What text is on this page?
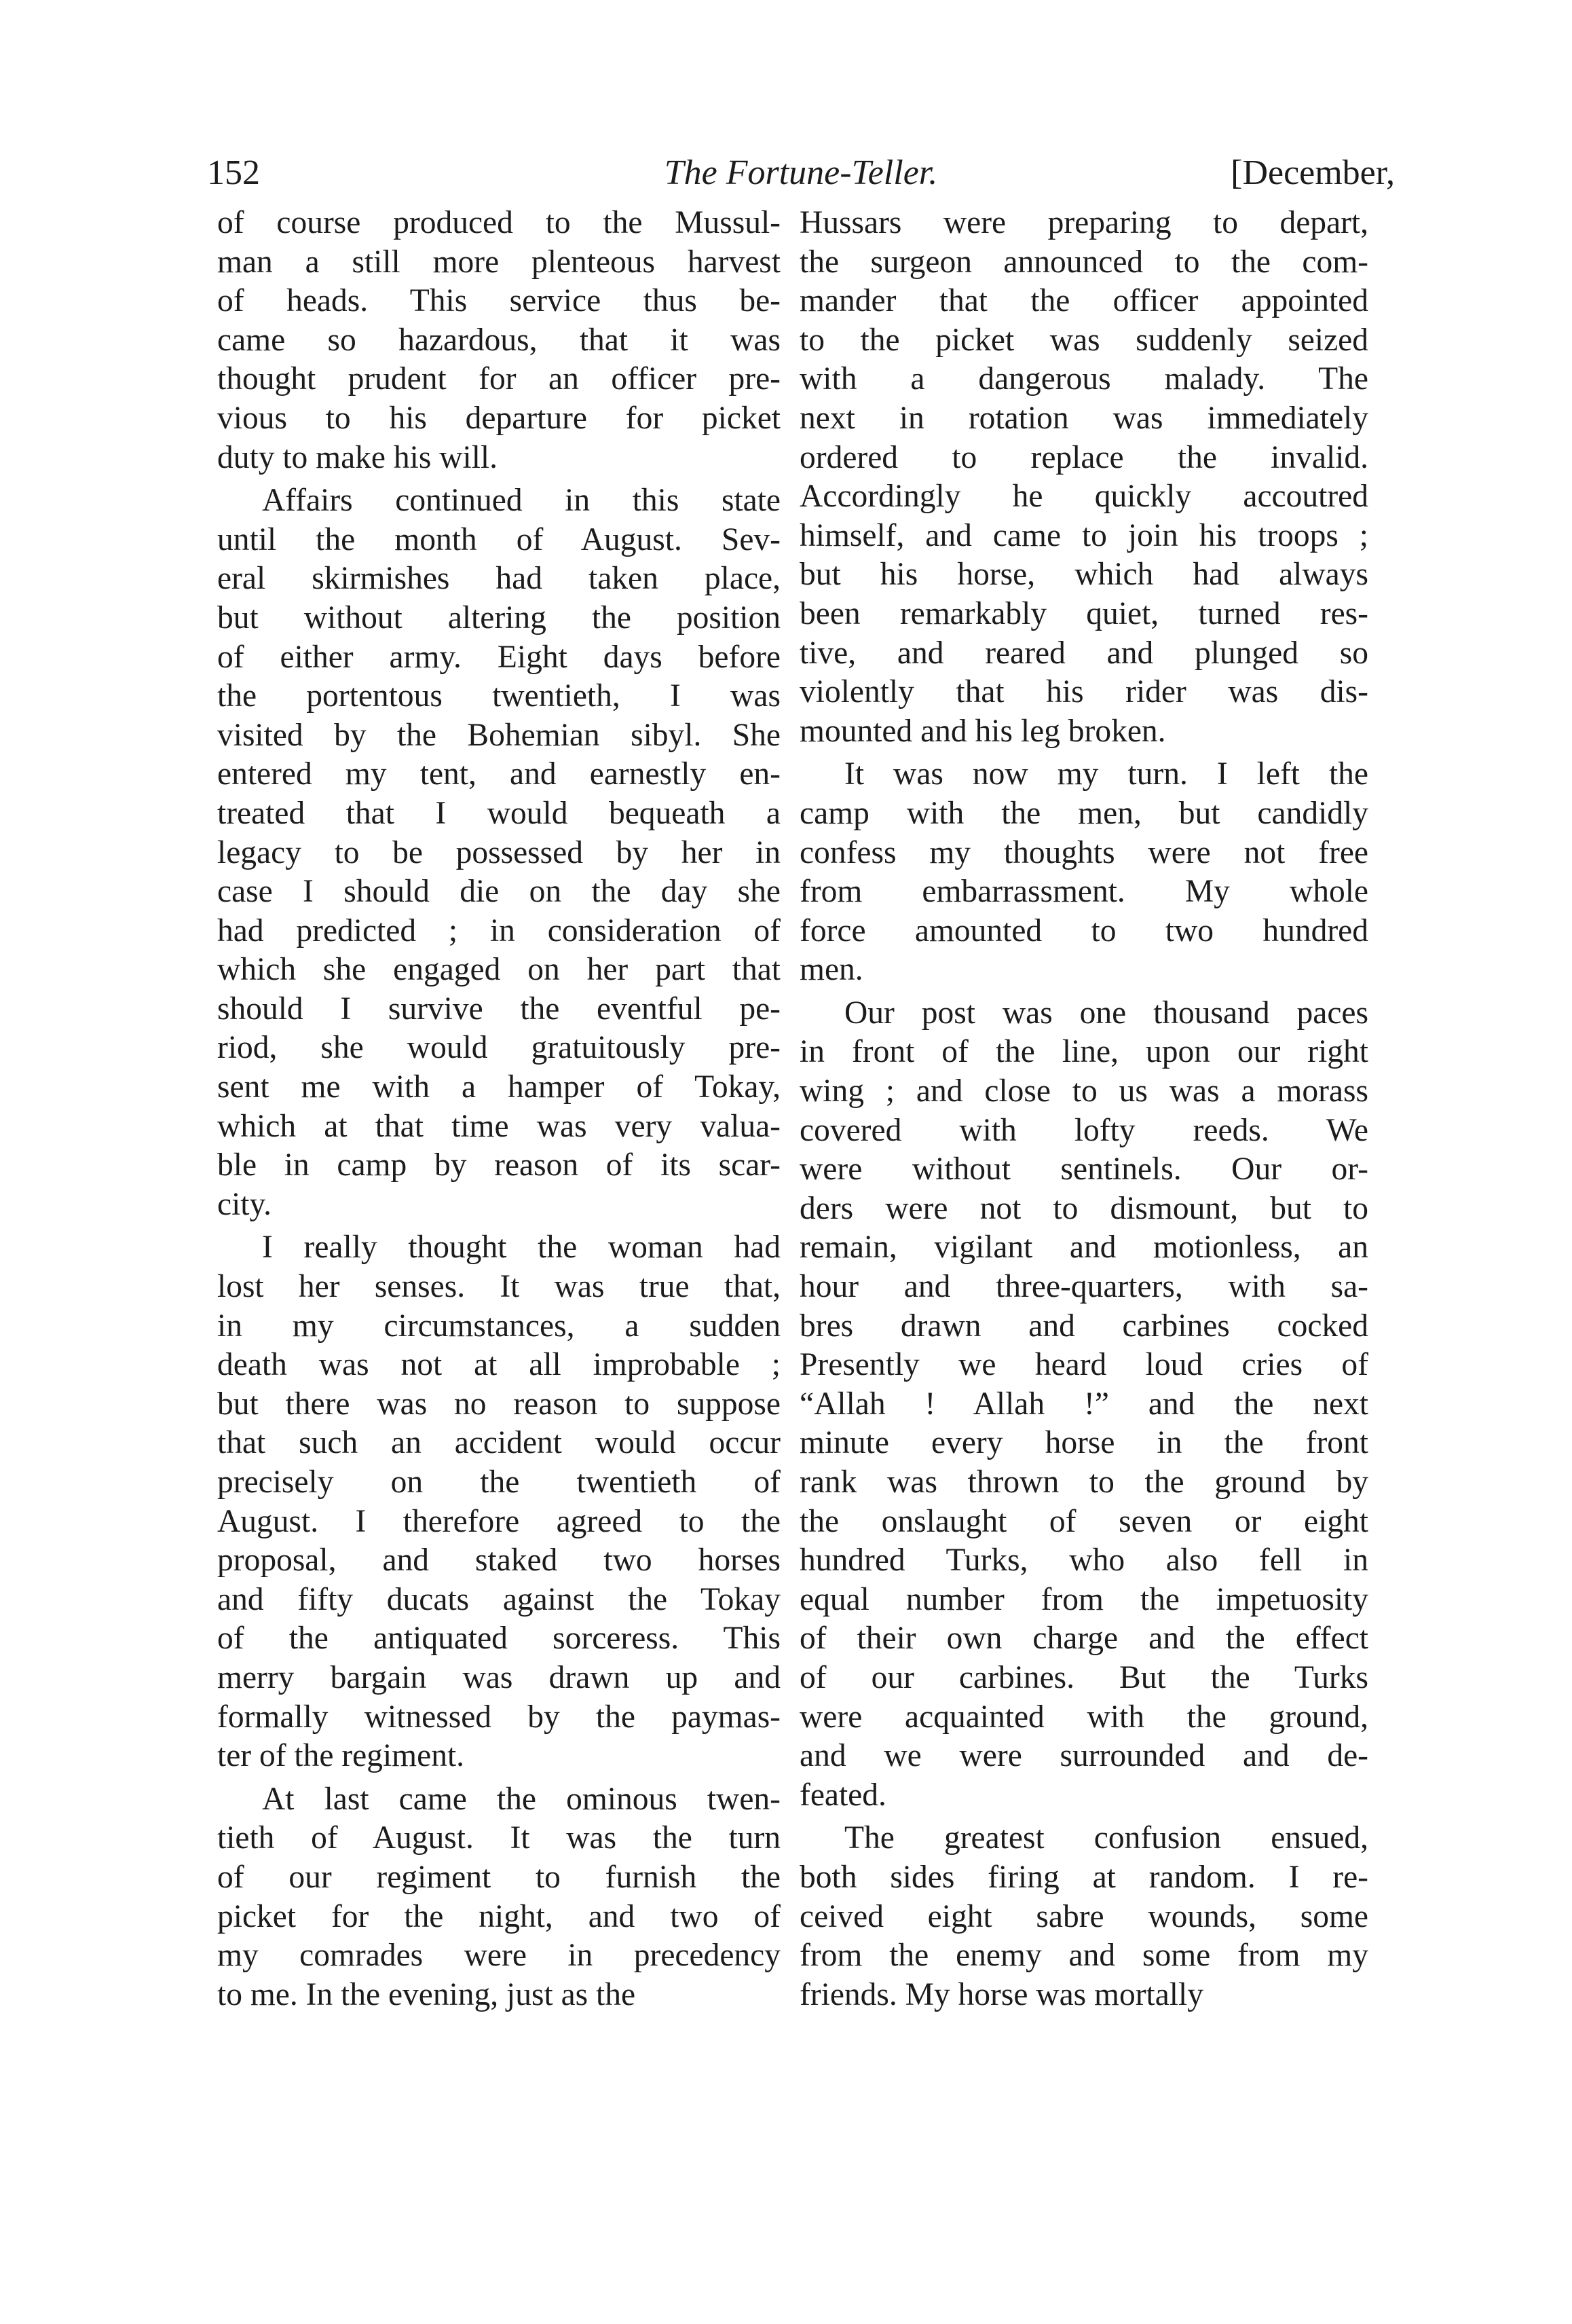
152	The Fortune-Teller.	[December,
of course produced to the Mussul-
man a still more plenteous harvest
of heads. This service thus be-
came so hazardous, that it was
thought prudent for an officer pre-
vious to his departure for picket
duty to make his will.
Affairs continued in this state
until the month of August. Sev-
eral skirmishes had taken place,
but without altering the position
of either army. Eight days before
the portentous twentieth, I was
visited by the Bohemian sibyl. She
entered my tent, and earnestly en-
treated that I would bequeath a
legacy to be possessed by her in
case I should die on the day she
had predicted ; in consideration of
which she engaged on her part that
should I survive the eventful pe-
riod, she would gratuitously pre-
sent me with a hamper of Tokay,
which at that time was very valua-
ble in camp by reason of its scar-
city.
I really thought the woman had
lost her senses. It was true that,
in my circumstances, a sudden
death was not at all improbable ;
but there was no reason to suppose
that such an accident would occur
precisely on the twentieth of
August. I therefore agreed to the
proposal, and staked two horses
and fifty ducats against the Tokay
of the antiquated sorceress. This
merry bargain was drawn up and
formally witnessed by the paymas-
ter of the regiment.
At last came the ominous twen-
tieth of August. It was the turn
of our regiment to furnish the
picket for the night, and two of
my comrades were in precedency
to me. In the evening, just as the
Hussars were preparing to depart,
the surgeon announced to the com-
mander that the officer appointed
to the picket was suddenly seized
with a dangerous malady. The
next in rotation was immediately
ordered to replace the invalid.
Accordingly he quickly accoutred
himself, and came to join his troops ;
but his horse, which had always
been remarkably quiet, turned res-
tive, and reared and plunged so
violently that his rider was dis-
mounted and his leg broken.
It was now my turn. I left the
camp with the men, but candidly
confess my thoughts were not free
from embarrassment. My whole
force amounted to two hundred
men.
Our post was one thousand paces
in front of the line, upon our right
wing ; and close to us was a morass
covered with lofty reeds. We
were without sentinels. Our or-
ders were not to dismount, but to
remain, vigilant and motionless, an
hour and three-quarters, with sa-
bres drawn and carbines cocked
Presently we heard loud cries of
“Allah ! Allah !” and the next
minute every horse in the front
rank was thrown to the ground by
the onslaught of seven or eight
hundred Turks, who also fell in
equal number from the impetuosity
of their own charge and the effect
of our carbines. But the Turks
were acquainted with the ground,
and we were surrounded and de-
feated.
The greatest confusion ensued,
both sides firing at random. I re-
ceived eight sabre wounds, some
from the enemy and some from my
friends. My horse was mortally
